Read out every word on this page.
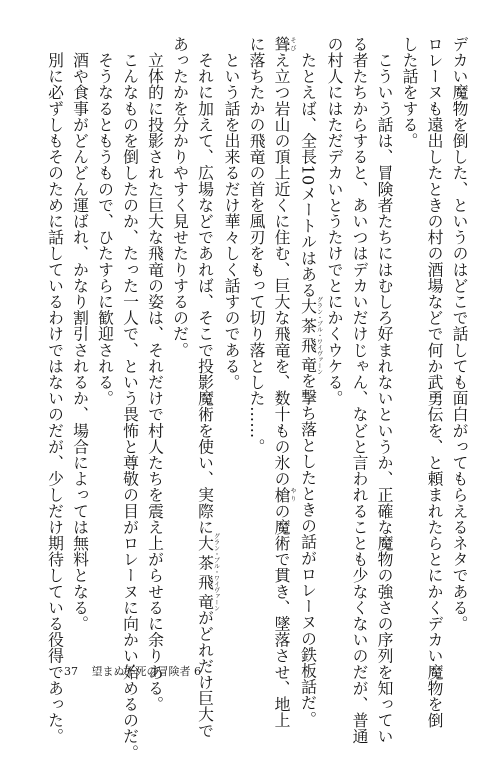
デカい魔物を倒した、というのはどこで話しても面白がってもらえるネタである。
ロレーヌも遠出したときの村の酒場などで何か武勇伝を、と頼まれたらとにかくデカい魔物を倒
した話をする。
　こういう話は、冒険者たちにはむしろ好まれないというか、正確な魔物の強さの序列を知ってい
る者たちからすると、あいつはデカいだけじゃん、などと言われることも少なくないのだが、普通
の村人にはただデカいとうたけでとにかくウケる。
　たとえば、全長10メートルはある大茶飛竜グラン・ブル・ワイヴァーンを撃ち落としたときの話がロレーヌの鉄板話だ。
聳そびえ立つ岩山の頂上近くに住む、巨大な飛竜を、数十もの氷の槍やりの魔術で貫き、墜落させ、地上
に落ちたかの飛竜の首を風刃をもって切り落とした……。
　という話を出来るだけ華々しく話すのである。
　それに加えて、広場などであれば、そこで投影魔術を使い、実際に大茶飛竜グラン・ブル・ワイヴァーンがどれだけ巨大で
あったかを分かりやすく見せたりするのだ。
　立体的に投影された巨大な飛竜の姿は、それだけで村人たちを震え上がらせるに余りある。
　こんなものを倒したのか、たった一人で、という畏怖と尊敬の目がロレーヌに向かい始めるのだ。
　そうなるともうもので、ひたすらに歓迎される。
　酒や食事がどんどん運ばれ、かなり割引されるか、場合によっては無料となる。
　別に必ずしもそのために話しているわけではないのだが、少しだけ期待している役得であった。 37 望まぬ不死の冒険者 6
